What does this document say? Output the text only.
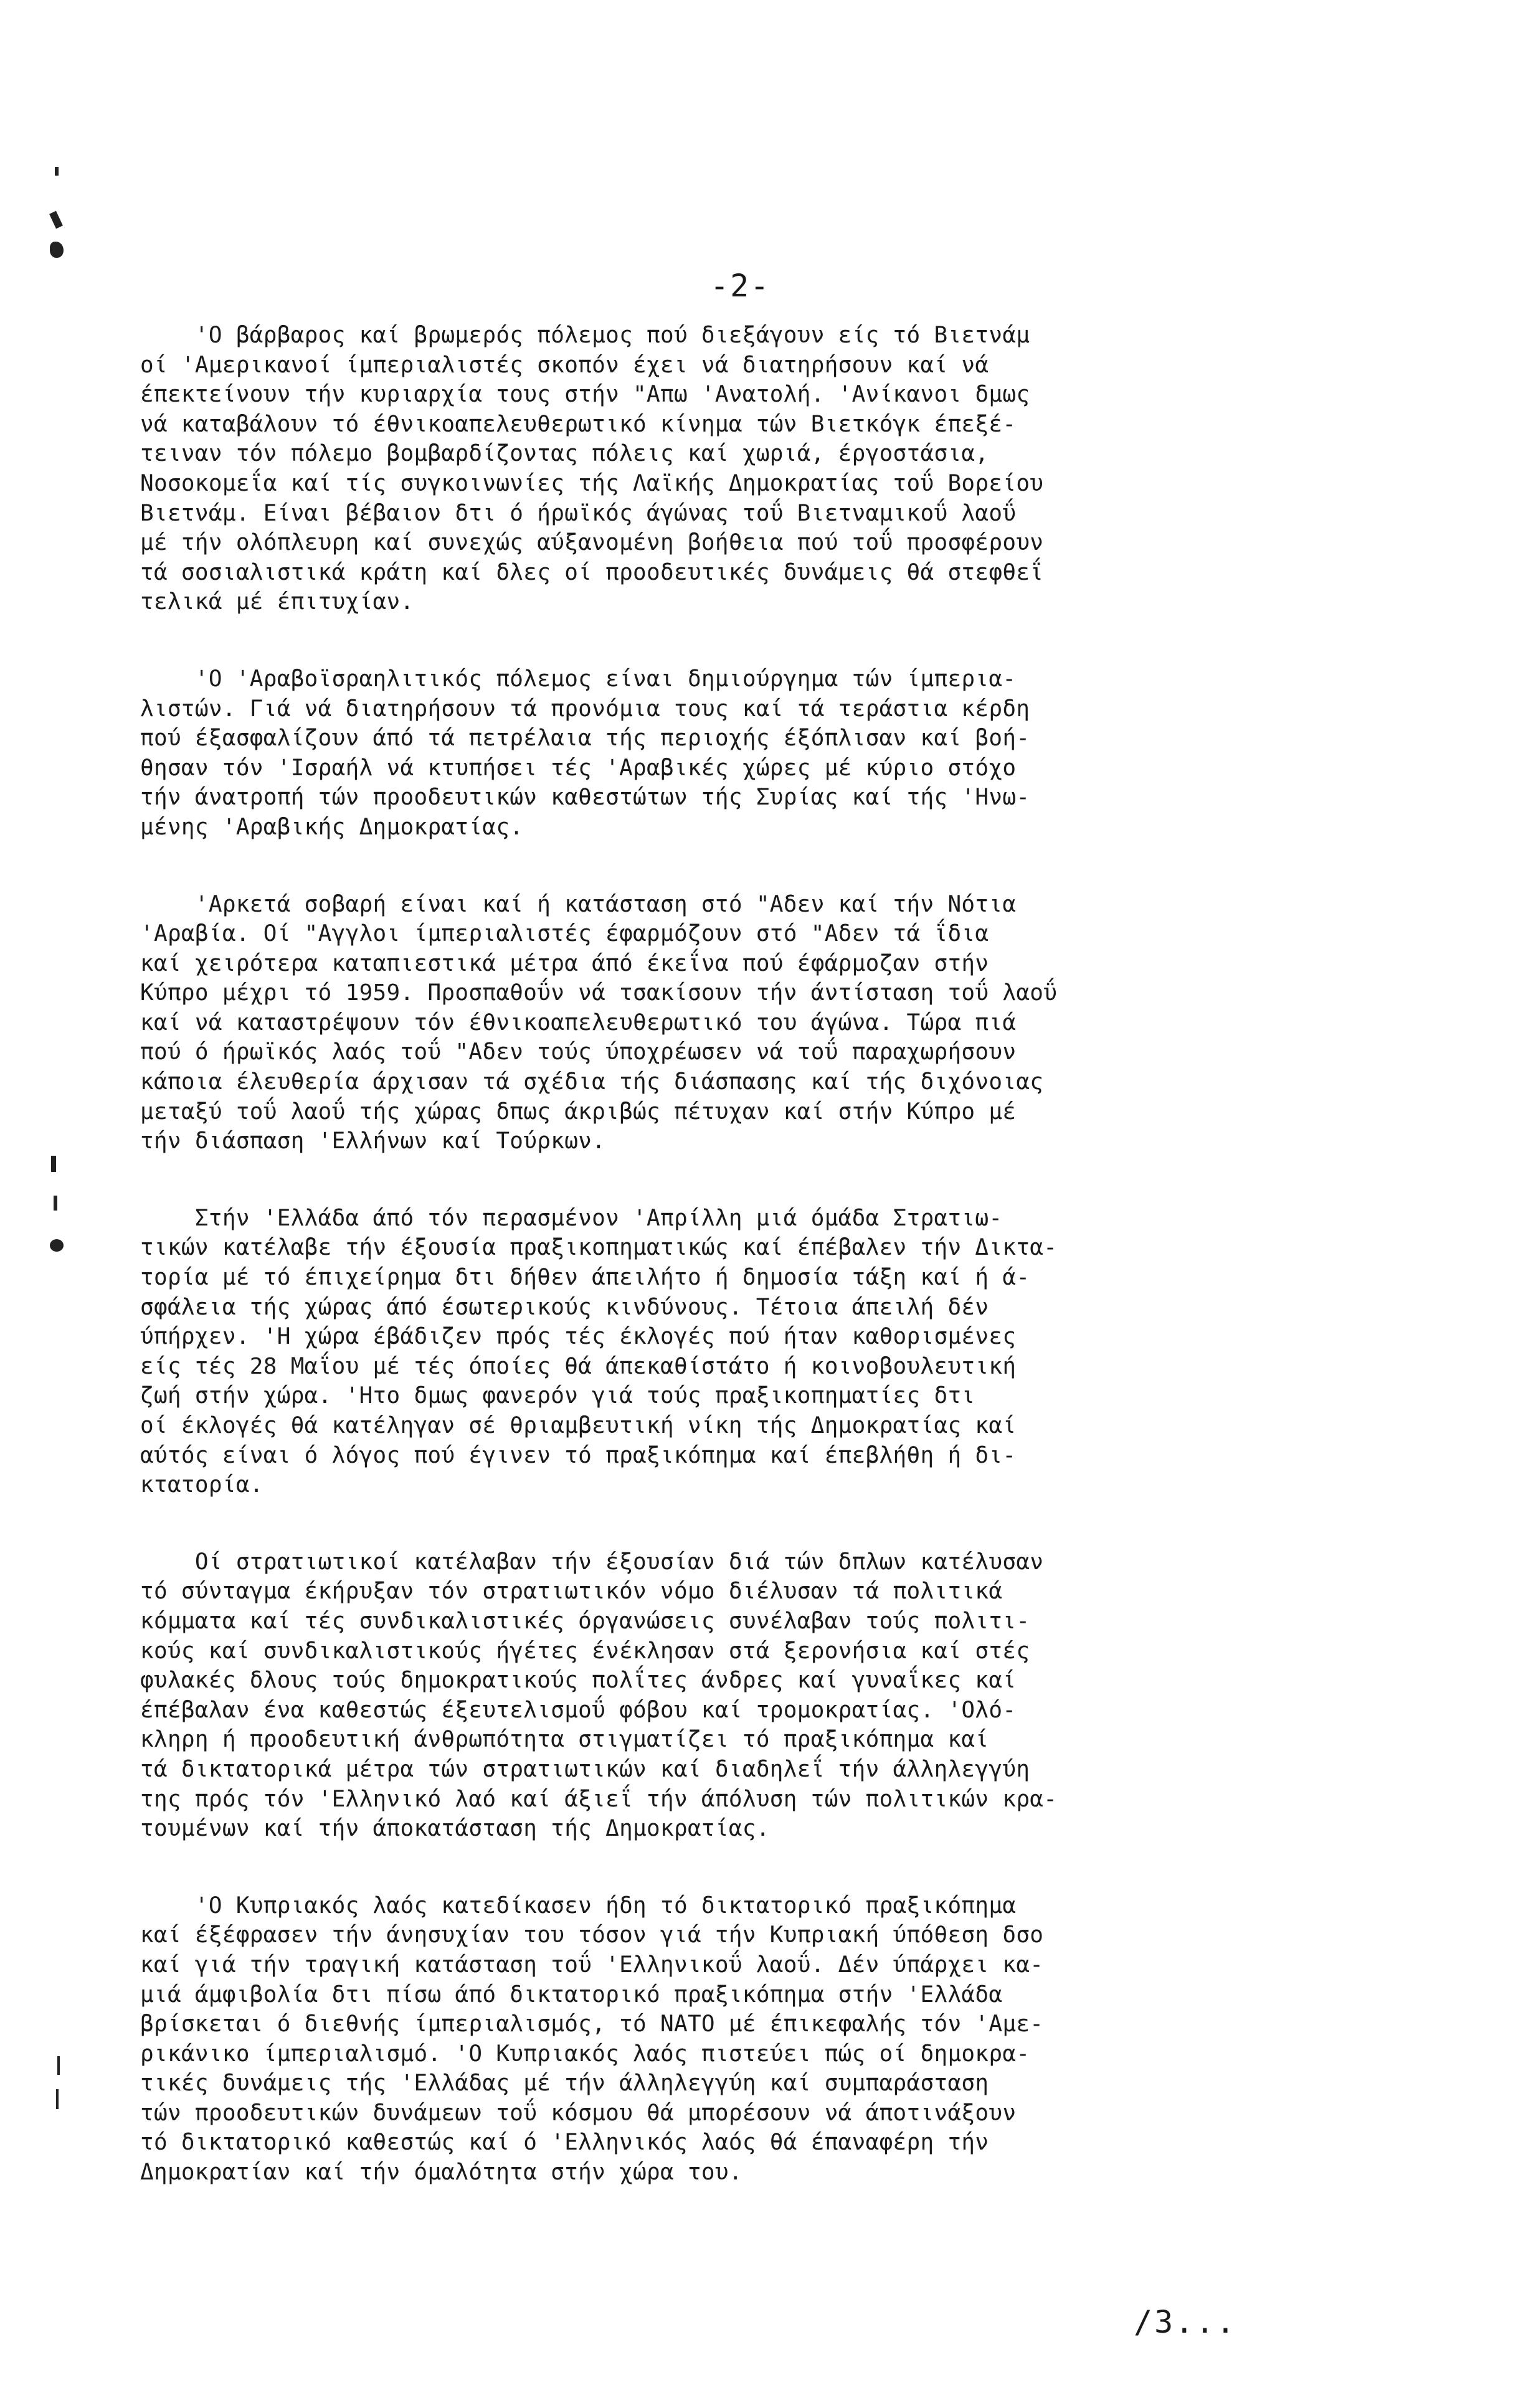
-2-
'Ο βάρβαρος καί βρωμερός πόλεμος πού διεξάγουν είς τό Βιετνάμ
οί 'Αμερικανοί ίμπεριαλιστές σκοπόν έχει νά διατηρήσουν καί νά
έπεκτείνουν τήν κυριαρχία τους στήν "Απω 'Ανατολή. 'Ανίκανοι δμως
νά καταβάλουν τό έθνικοαπελευθερωτικό κίνημα τών Βιετκόγκ έπεξέ-
τειναν τόν πόλεμο βομβαρδίζοντας πόλεις καί χωριά, έργοστάσια,
Νοσοκομεΐα καί τίς συγκοινωνίες τής Λαϊκής Δημοκρατίας τοΰ Βορείου
Βιετνάμ. Είναι βέβαιον δτι ό ήρωϊκός άγώνας τοΰ Βιετναμικοΰ λαοΰ
μέ τήν ολόπλευρη καί συνεχώς αύξανομένη βοήθεια πού τοΰ προσφέρουν
τά σοσιαλιστικά κράτη καί δλες οί προοδευτικές δυνάμεις θά στεφθεΐ
τελικά μέ έπιτυχίαν.
'Ο 'Αραβοϊσραηλιτικός πόλεμος είναι δημιούργημα τών ίμπερια-
λιστών. Γιά νά διατηρήσουν τά προνόμια τους καί τά τεράστια κέρδη
πού έξασφαλίζουν άπό τά πετρέλαια τής περιοχής έξόπλισαν καί βοή-
θησαν τόν 'Ισραήλ νά κτυπήσει τές 'Αραβικές χώρες μέ κύριο στόχο
τήν άνατροπή τών προοδευτικών καθεστώτων τής Συρίας καί τής 'Ηνω-
μένης 'Αραβικής Δημοκρατίας.
'Αρκετά σοβαρή είναι καί ή κατάσταση στό "Αδεν καί τήν Νότια
'Αραβία. Οί "Αγγλοι ίμπεριαλιστές έφαρμόζουν στό "Αδεν τά ΐδια
καί χειρότερα καταπιεστικά μέτρα άπό έκεΐνα πού έφάρμοζαν στήν
Κύπρο μέχρι τό 1959. Προσπαθοΰν νά τσακίσουν τήν άντίσταση τοΰ λαοΰ
καί νά καταστρέψουν τόν έθνικοαπελευθερωτικό του άγώνα. Τώρα πιά
πού ό ήρωϊκός λαός τοΰ "Αδεν τούς ύποχρέωσεν νά τοΰ παραχωρήσουν
κάποια έλευθερία άρχισαν τά σχέδια τής διάσπασης καί τής διχόνοιας
μεταξύ τοΰ λαοΰ τής χώρας δπως άκριβώς πέτυχαν καί στήν Κύπρο μέ
τήν διάσπαση 'Ελλήνων καί Τούρκων.
Στήν 'Ελλάδα άπό τόν περασμένον 'Απρίλλη μιά όμάδα Στρατιω-
τικών κατέλαβε τήν έξουσία πραξικοπηματικώς καί έπέβαλεν τήν Δικτα-
τορία μέ τό έπιχείρημα δτι δήθεν άπειλήτο ή δημοσία τάξη καί ή ά-
σφάλεια τής χώρας άπό έσωτερικούς κινδύνους. Τέτοια άπειλή δέν
ύπήρχεν. 'Η χώρα έβάδιζεν πρός τές έκλογές πού ήταν καθορισμένες
είς τές 28 Μαΐου μέ τές όποίες θά άπεκαθίστάτο ή κοινοβουλευτική
ζωή στήν χώρα. 'Ητο δμως φανερόν γιά τούς πραξικοπηματίες δτι
οί έκλογές θά κατέληγαν σέ θριαμβευτική νίκη τής Δημοκρατίας καί
αύτός είναι ό λόγος πού έγινεν τό πραξικόπημα καί έπεβλήθη ή δι-
κτατορία.
Οί στρατιωτικοί κατέλαβαν τήν έξουσίαν διά τών δπλων κατέλυσαν
τό σύνταγμα έκήρυξαν τόν στρατιωτικόν νόμο διέλυσαν τά πολιτικά
κόμματα καί τές συνδικαλιστικές όργανώσεις συνέλαβαν τούς πολιτι-
κούς καί συνδικαλιστικούς ήγέτες ένέκλησαν στά ξερονήσια καί στές
φυλακές δλους τούς δημοκρατικούς πολΐτες άνδρες καί γυναΐκες καί
έπέβαλαν ένα καθεστώς έξευτελισμοΰ φόβου καί τρομοκρατίας. 'Ολό-
κληρη ή προοδευτική άνθρωπότητα στιγματίζει τό πραξικόπημα καί
τά δικτατορικά μέτρα τών στρατιωτικών καί διαδηλεΐ τήν άλληλεγγύη
της πρός τόν 'Ελληνικό λαό καί άξιεΐ τήν άπόλυση τών πολιτικών κρα-
τουμένων καί τήν άποκατάσταση τής Δημοκρατίας.
'Ο Κυπριακός λαός κατεδίκασεν ήδη τό δικτατορικό πραξικόπημα
καί έξέφρασεν τήν άνησυχίαν του τόσον γιά τήν Κυπριακή ύπόθεση δσο
καί γιά τήν τραγική κατάσταση τοΰ 'Ελληνικοΰ λαοΰ. Δέν ύπάρχει κα-
μιά άμφιβολία δτι πίσω άπό δικτατορικό πραξικόπημα στήν 'Ελλάδα
βρίσκεται ό διεθνής ίμπεριαλισμός, τό ΝΑΤΟ μέ έπικεφαλής τόν 'Αμε-
ρικάνικο ίμπεριαλισμό. 'Ο Κυπριακός λαός πιστεύει πώς οί δημοκρα-
τικές δυνάμεις τής 'Ελλάδας μέ τήν άλληλεγγύη καί συμπαράσταση
τών προοδευτικών δυνάμεων τοΰ κόσμου θά μπορέσουν νά άποτινάξουν
τό δικτατορικό καθεστώς καί ό 'Ελληνικός λαός θά έπαναφέρη τήν
Δημοκρατίαν καί τήν όμαλότητα στήν χώρα του.
/3...
